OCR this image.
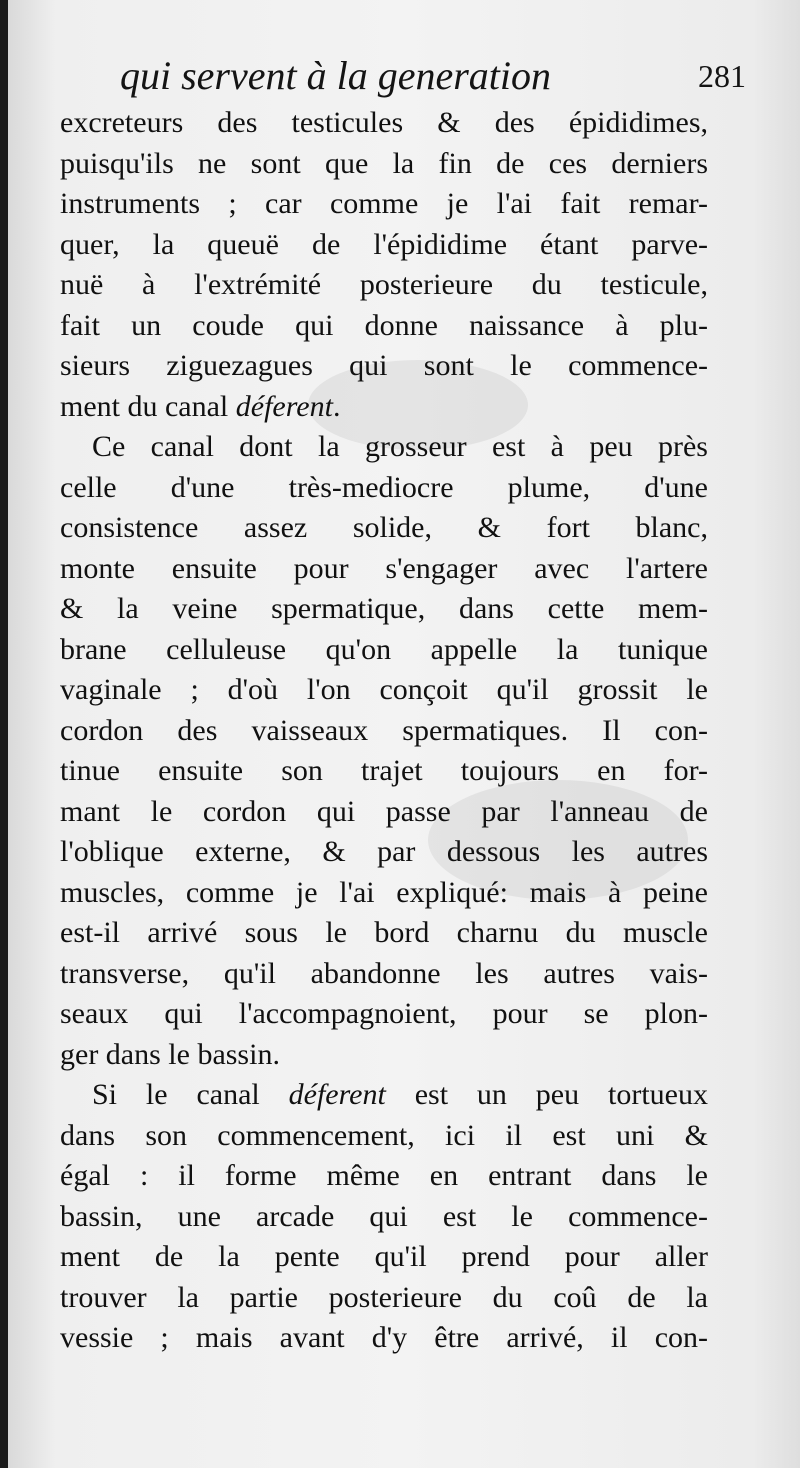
qui servent à la generation	281
excreteurs des testicules & des épididimes,
puisqu'ils ne sont que la fin de ces derniers
instruments ; car comme je l'ai fait remar-
quer, la queuë de l'épididime étant parve-
nuë à l'extrémité posterieure du testicule,
fait un coude qui donne naissance à plu-
sieurs ziguezagues qui sont le commence-
ment du canal déferent.
Ce canal dont la grosseur est à peu près
celle d'une très-mediocre plume, d'une
consistence assez solide, & fort blanc,
monte ensuite pour s'engager avec l'artere
& la veine spermatique, dans cette mem-
brane celluleuse qu'on appelle la tunique
vaginale ; d'où l'on conçoit qu'il grossit le
cordon des vaisseaux spermatiques. Il con-
tinue ensuite son trajet toujours en for-
mant le cordon qui passe par l'anneau de
l'oblique externe, & par dessous les autres
muscles, comme je l'ai expliqué: mais à peine
est-il arrivé sous le bord charnu du muscle
transverse, qu'il abandonne les autres vais-
seaux qui l'accompagnoient, pour se plon-
ger dans le bassin.
Si le canal déferent est un peu tortueux
dans son commencement, ici il est uni &
égal : il forme même en entrant dans le
bassin, une arcade qui est le commence-
ment de la pente qu'il prend pour aller
trouver la partie posterieure du coû de la
vessie ; mais avant d'y être arrivé, il con-
